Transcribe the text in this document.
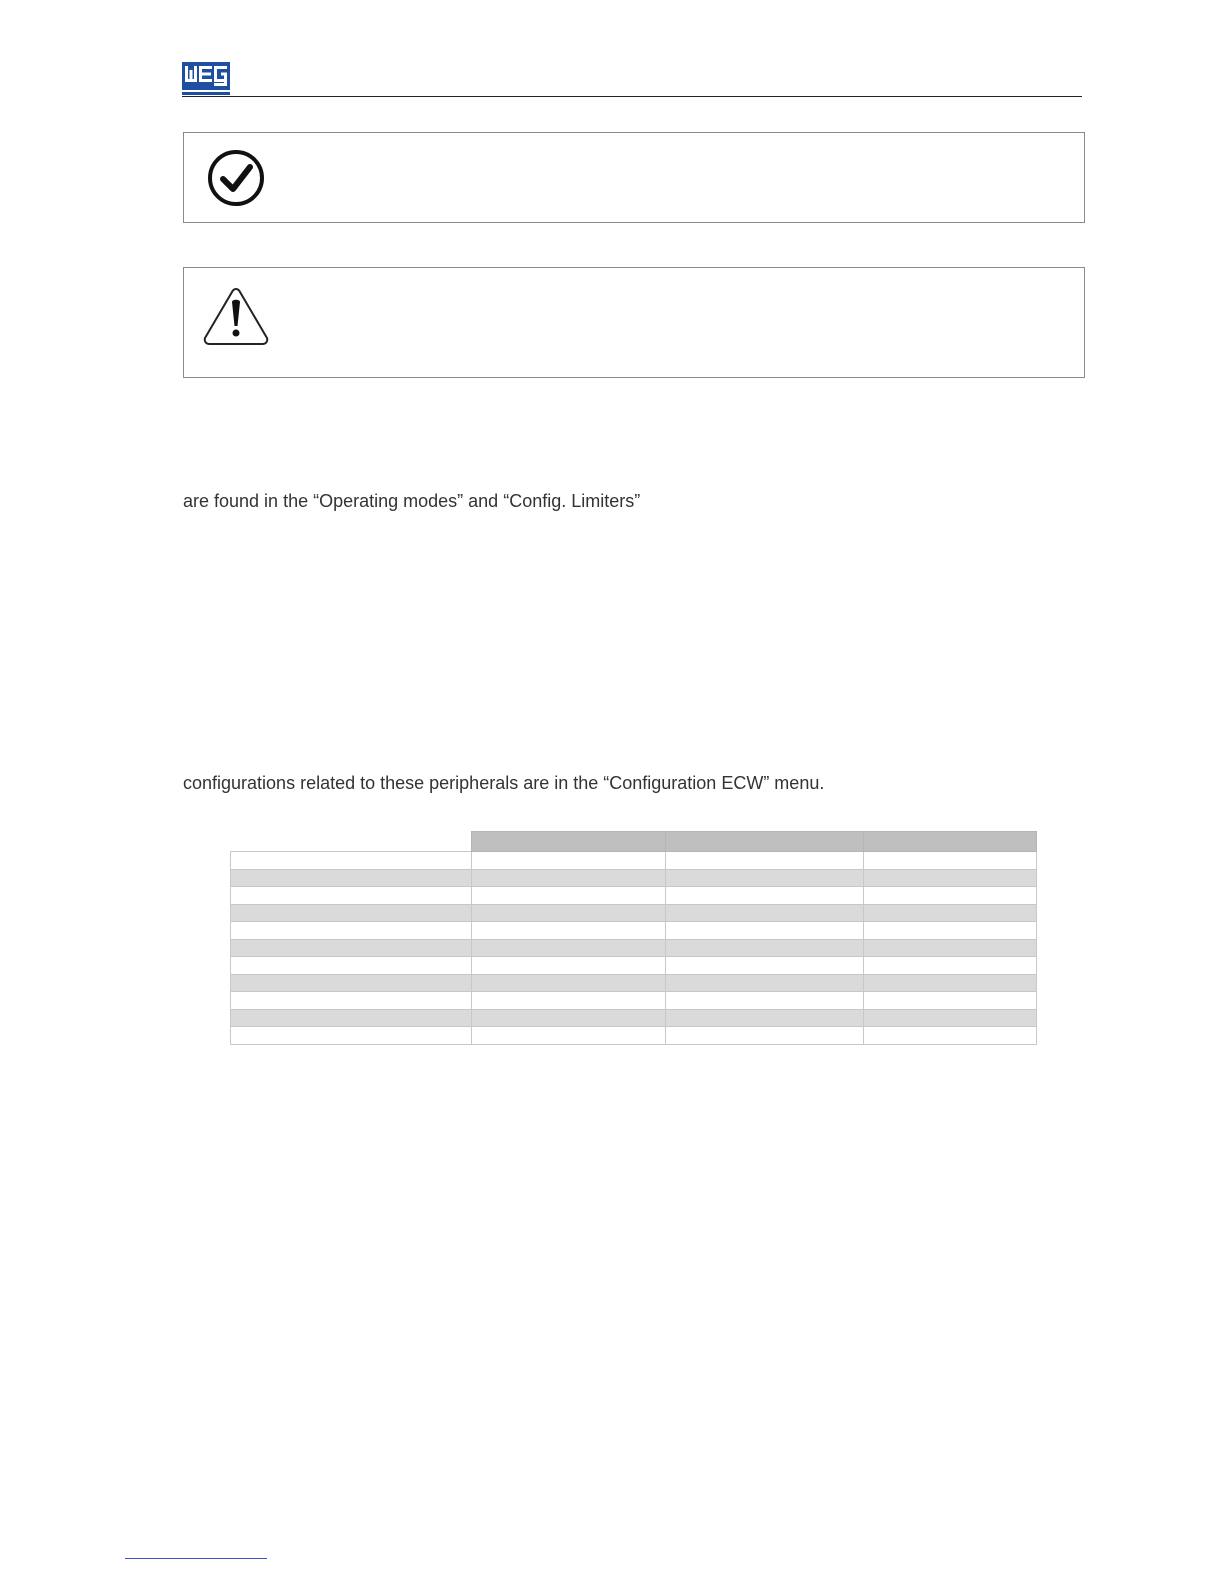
are found in the “Operating modes” and “Config. Limiters”

configurations related to these peripherals are in the “Configuration ECW” menu.
